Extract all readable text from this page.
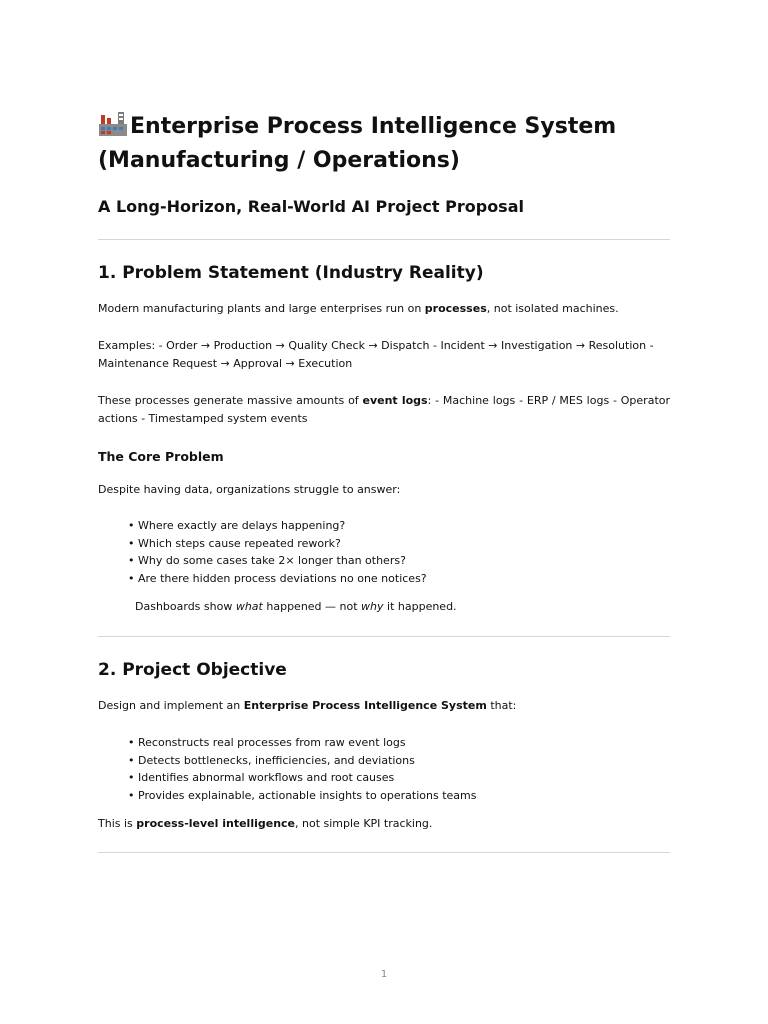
Enterprise Process Intelligence System
(Manufacturing / Operations)
A Long-Horizon, Real-World AI Project Proposal
1. Problem Statement (Industry Reality)

Modern manufacturing plants and large enterprises run on processes, not isolated machines.

Examples: - Order → Production → Quality Check → Dispatch - Incident → Investigation → Resolution -
Maintenance Request → Approval → Execution

These processes generate massive amounts of event logs: - Machine logs - ERP / MES logs - Operator actions - Timestamped system events

The Core Problem

Despite having data, organizations struggle to answer:

• Where exactly are delays happening?
• Which steps cause repeated rework?
• Why do some cases take 2× longer than others?
• Are there hidden process deviations no one notices?

Dashboards show what happened — not why it happened.

2. Project Objective

Design and implement an Enterprise Process Intelligence System that:

• Reconstructs real processes from raw event logs
• Detects bottlenecks, inefficiencies, and deviations
• Identifies abnormal workflows and root causes
• Provides explainable, actionable insights to operations teams

This is process-level intelligence, not simple KPI tracking.

1
